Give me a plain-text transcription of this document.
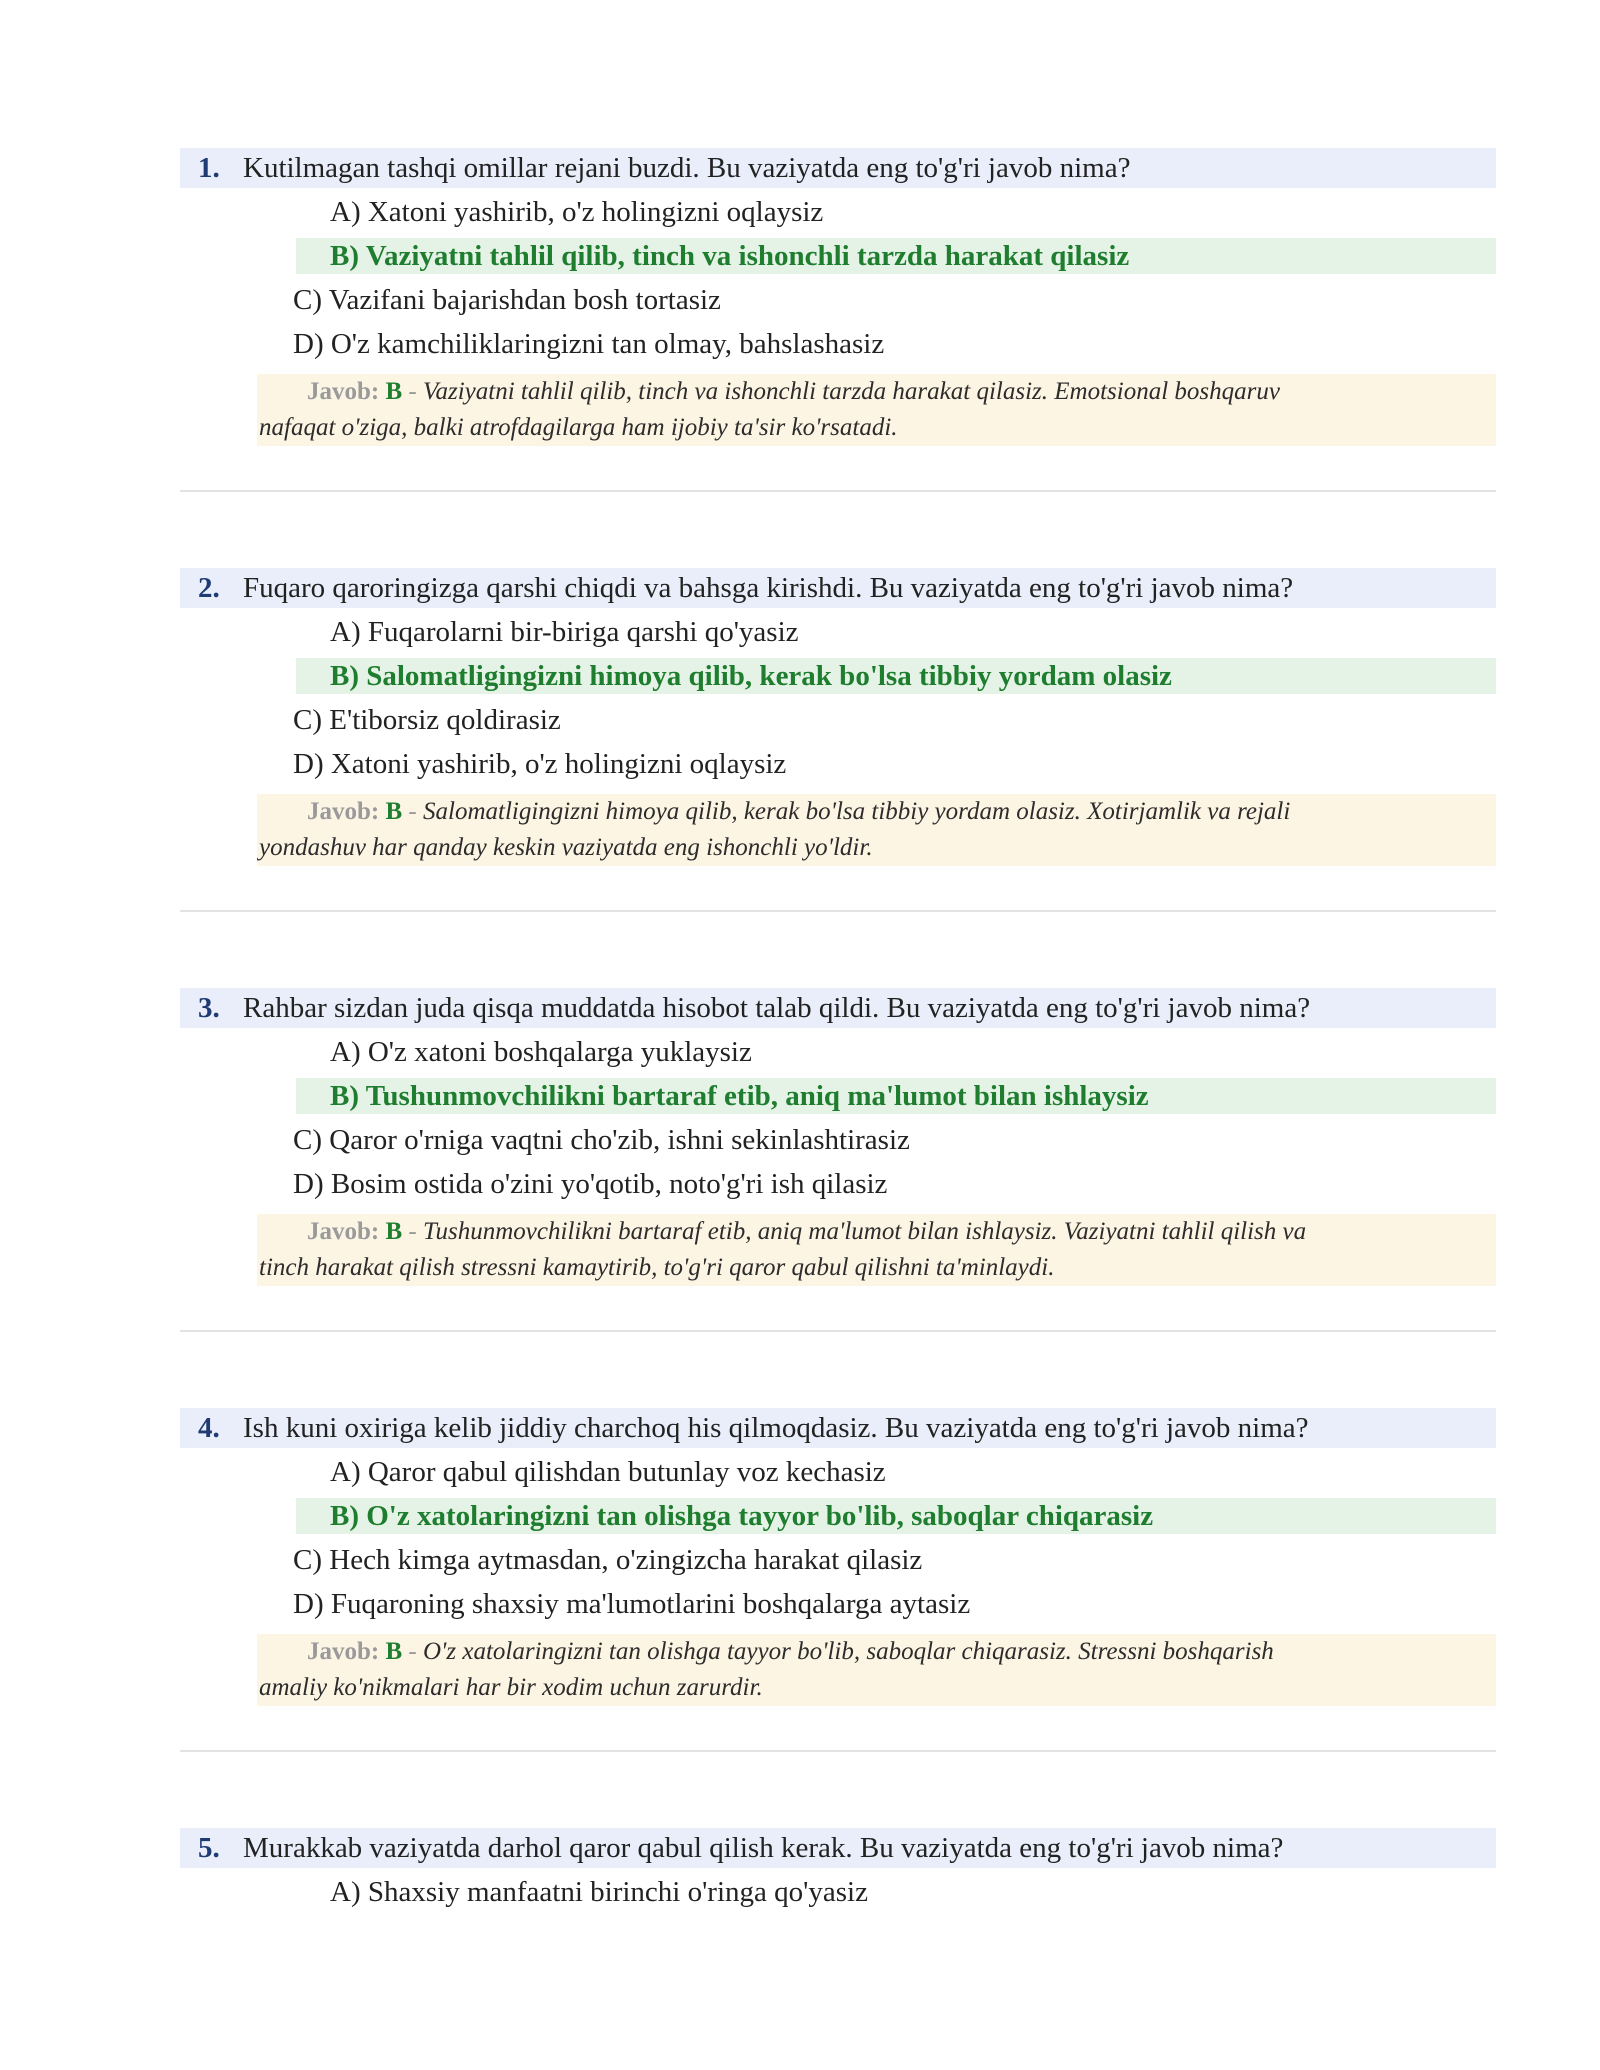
1. Kutilmagan tashqi omillar rejani buzdi. Bu vaziyatda eng to'g'ri javob nima?
A) Xatoni yashirib, o'z holingizni oqlaysiz
B) Vaziyatni tahlil qilib, tinch va ishonchli tarzda harakat qilasiz
C) Vazifani bajarishdan bosh tortasiz
D) O'z kamchiliklaringizni tan olmay, bahslashasiz
Javob: B - Vaziyatni tahlil qilib, tinch va ishonchli tarzda harakat qilasiz. Emotsional boshqaruv
nafaqat o'ziga, balki atrofdagilarga ham ijobiy ta'sir ko'rsatadi.
2. Fuqaro qaroringizga qarshi chiqdi va bahsga kirishdi. Bu vaziyatda eng to'g'ri javob nima?
A) Fuqarolarni bir-biriga qarshi qo'yasiz
B) Salomatligingizni himoya qilib, kerak bo'lsa tibbiy yordam olasiz
C) E'tiborsiz qoldirasiz
D) Xatoni yashirib, o'z holingizni oqlaysiz
Javob: B - Salomatligingizni himoya qilib, kerak bo'lsa tibbiy yordam olasiz. Xotirjamlik va rejali
yondashuv har qanday keskin vaziyatda eng ishonchli yo'ldir.
3. Rahbar sizdan juda qisqa muddatda hisobot talab qildi. Bu vaziyatda eng to'g'ri javob nima?
A) O'z xatoni boshqalarga yuklaysiz
B) Tushunmovchilikni bartaraf etib, aniq ma'lumot bilan ishlaysiz
C) Qaror o'rniga vaqtni cho'zib, ishni sekinlashtirasiz
D) Bosim ostida o'zini yo'qotib, noto'g'ri ish qilasiz
Javob: B - Tushunmovchilikni bartaraf etib, aniq ma'lumot bilan ishlaysiz. Vaziyatni tahlil qilish va
tinch harakat qilish stressni kamaytirib, to'g'ri qaror qabul qilishni ta'minlaydi.
4. Ish kuni oxiriga kelib jiddiy charchoq his qilmoqdasiz. Bu vaziyatda eng to'g'ri javob nima?
A) Qaror qabul qilishdan butunlay voz kechasiz
B) O'z xatolaringizni tan olishga tayyor bo'lib, saboqlar chiqarasiz
C) Hech kimga aytmasdan, o'zingizcha harakat qilasiz
D) Fuqaroning shaxsiy ma'lumotlarini boshqalarga aytasiz
Javob: B - O'z xatolaringizni tan olishga tayyor bo'lib, saboqlar chiqarasiz. Stressni boshqarish
amaliy ko'nikmalari har bir xodim uchun zarurdir.
5. Murakkab vaziyatda darhol qaror qabul qilish kerak. Bu vaziyatda eng to'g'ri javob nima?
A) Shaxsiy manfaatni birinchi o'ringa qo'yasiz
